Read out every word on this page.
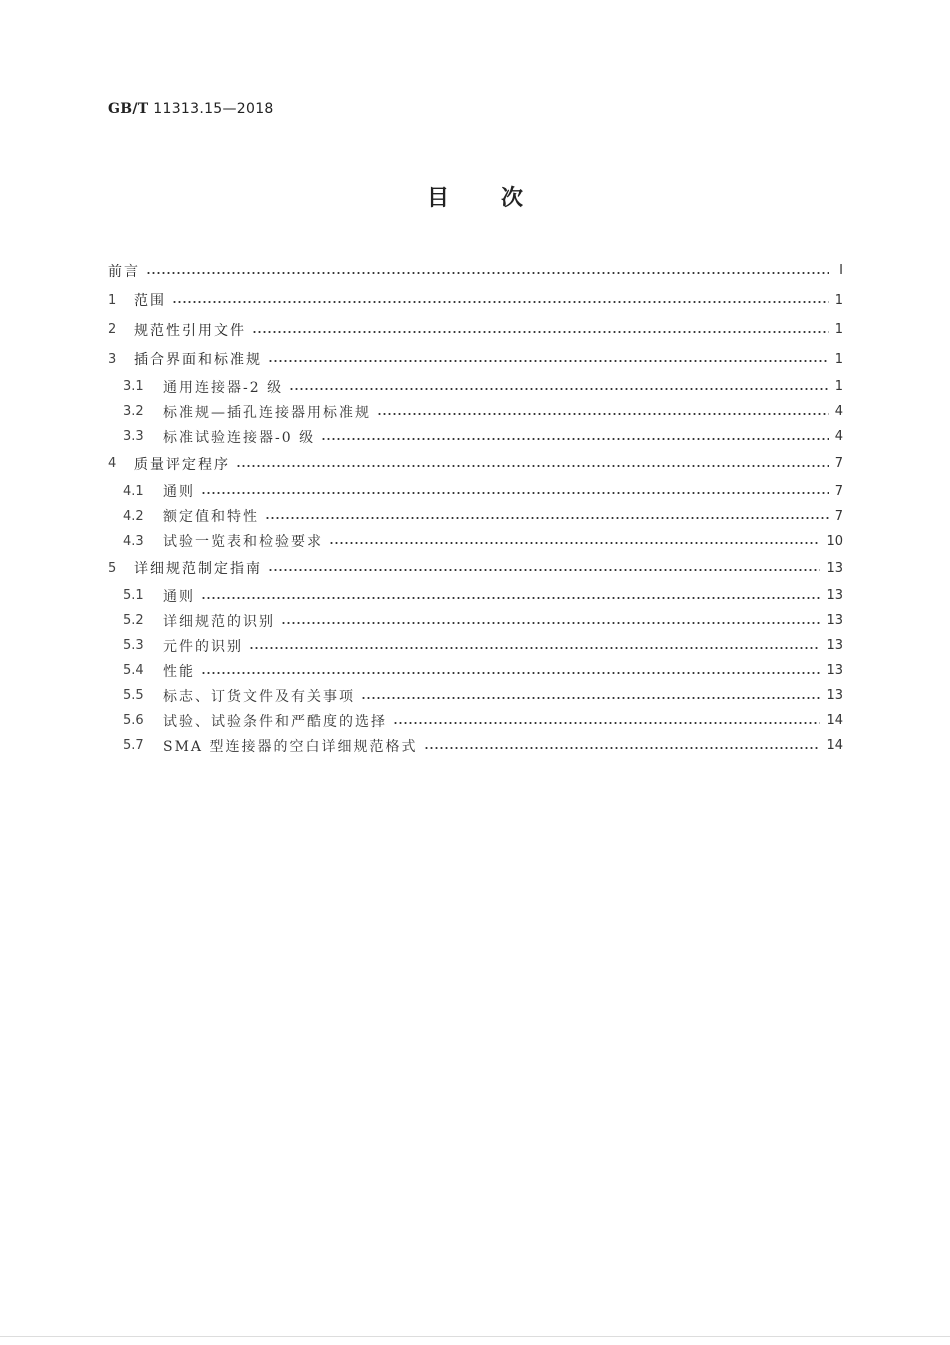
GB/T 11313.15—2018
目 次
前言	Ⅰ
1	范围	1
2	规范性引用文件	1
3	插合界面和标准规	1
3.1	通用连接器-2 级	1
3.2	标准规—插孔连接器用标准规	4
3.3	标准试验连接器-0 级	4
4	质量评定程序	7
4.1	通则	7
4.2	额定值和特性	7
4.3	试验一览表和检验要求	10
5	详细规范制定指南	13
5.1	通则	13
5.2	详细规范的识别	13
5.3	元件的识别	13
5.4	性能	13
5.5	标志、订货文件及有关事项	13
5.6	试验、试验条件和严酷度的选择	14
5.7	SMA 型连接器的空白详细规范格式	14
